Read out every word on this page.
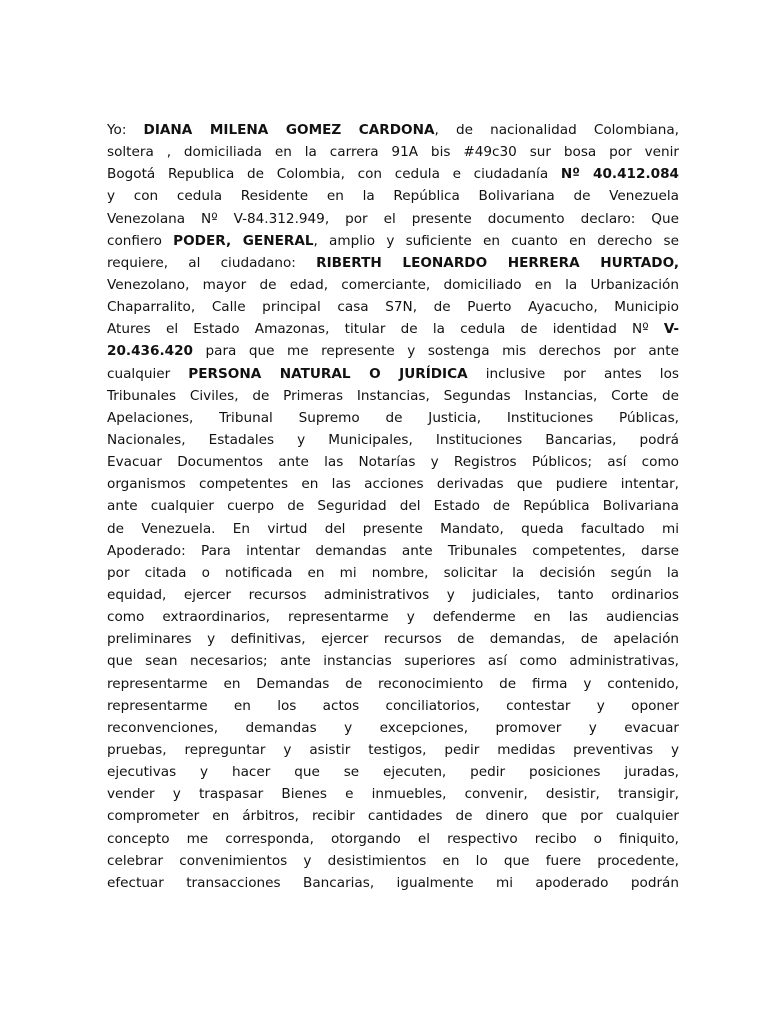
Yo: DIANA MILENA GOMEZ CARDONA, de nacionalidad Colombiana,
soltera , domiciliada en la carrera 91A bis #49c30 sur bosa por venir
Bogotá Republica de Colombia, con cedula e ciudadanía Nº 40.412.084
y con cedula Residente en la República Bolivariana de Venezuela
Venezolana Nº V-84.312.949, por el presente documento declaro: Que
confiero PODER, GENERAL, amplio y suficiente en cuanto en derecho se
requiere, al ciudadano: RIBERTH LEONARDO HERRERA HURTADO,
Venezolano, mayor de edad, comerciante, domiciliado en la Urbanización
Chaparralito, Calle principal casa S7N, de Puerto Ayacucho, Municipio
Atures el Estado Amazonas, titular de la cedula de identidad Nº V-
20.436.420 para que me represente y sostenga mis derechos por ante
cualquier PERSONA NATURAL O JURÍDICA inclusive por antes los
Tribunales Civiles, de Primeras Instancias, Segundas Instancias, Corte de
Apelaciones, Tribunal Supremo de Justicia, Instituciones Públicas,
Nacionales, Estadales y Municipales, Instituciones Bancarias, podrá
Evacuar Documentos ante las Notarías y Registros Públicos; así como
organismos competentes en las acciones derivadas que pudiere intentar,
ante cualquier cuerpo de Seguridad del Estado de República Bolivariana
de Venezuela. En virtud del presente Mandato, queda facultado mi
Apoderado: Para intentar demandas ante Tribunales competentes, darse
por citada o notificada en mi nombre, solicitar la decisión según la
equidad, ejercer recursos administrativos y judiciales, tanto ordinarios
como extraordinarios, representarme y defenderme en las audiencias
preliminares y definitivas, ejercer recursos de demandas, de apelación
que sean necesarios; ante instancias superiores así como administrativas,
representarme en Demandas de reconocimiento de firma y contenido,
representarme en los actos conciliatorios, contestar y oponer
reconvenciones, demandas y excepciones, promover y evacuar
pruebas, repreguntar y asistir testigos, pedir medidas preventivas y
ejecutivas y hacer que se ejecuten, pedir posiciones juradas,
vender y traspasar Bienes e inmuebles, convenir, desistir, transigir,
comprometer en árbitros, recibir cantidades de dinero que por cualquier
concepto me corresponda, otorgando el respectivo recibo o finiquito,
celebrar convenimientos y desistimientos en lo que fuere procedente,
efectuar transacciones Bancarias, igualmente mi apoderado podrán
